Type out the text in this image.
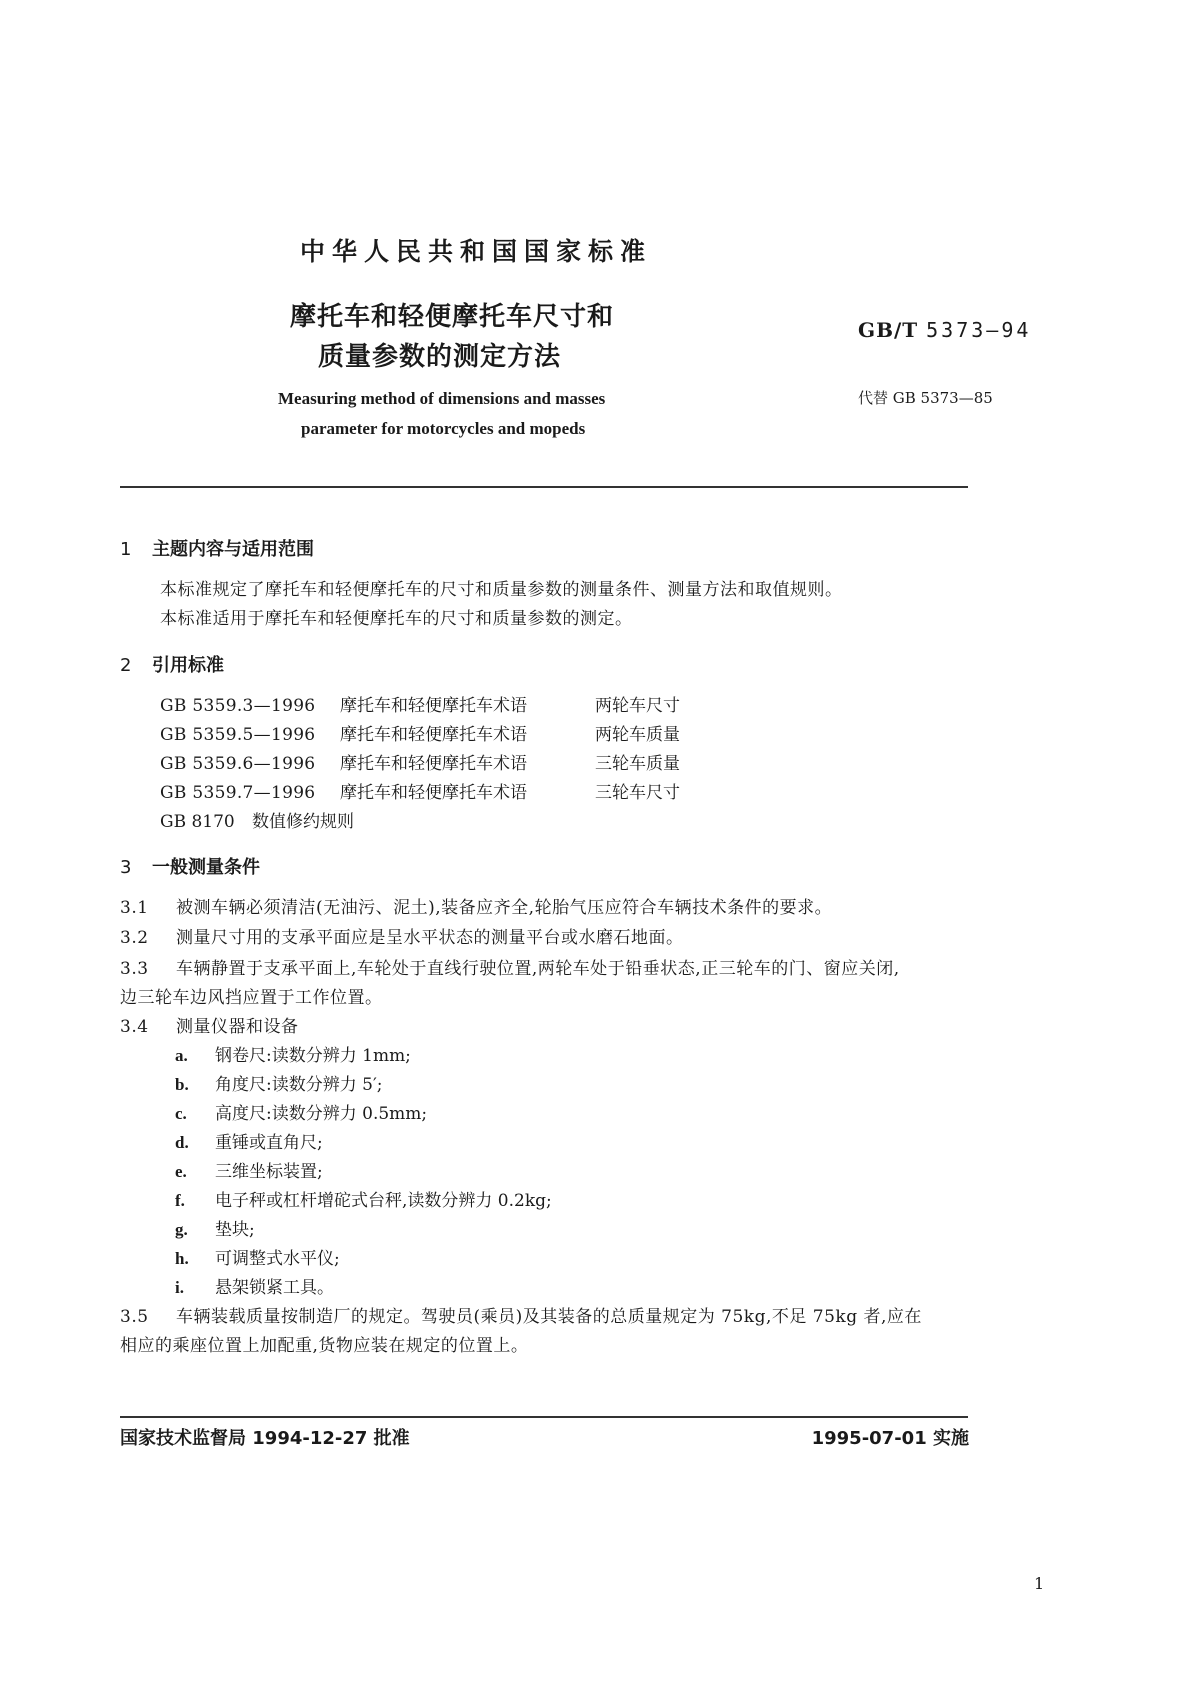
中华人民共和国国家标准
摩托车和轻便摩托车尺寸和
质量参数的测定方法
GB/T 5373—94
代替 GB 5373—85
Measuring method of dimensions and masses
parameter for motorcycles and mopeds
1 主题内容与适用范围
本标准规定了摩托车和轻便摩托车的尺寸和质量参数的测量条件、测量方法和取值规则。
本标准适用于摩托车和轻便摩托车的尺寸和质量参数的测定。
2 引用标准
GB 5359.3—1996 摩托车和轻便摩托车术语	两轮车尺寸
GB 5359.5—1996 摩托车和轻便摩托车术语	两轮车质量
GB 5359.6—1996 摩托车和轻便摩托车术语	三轮车质量
GB 5359.7—1996 摩托车和轻便摩托车术语	三轮车尺寸
GB 8170 数值修约规则
3 一般测量条件
3.1 被测车辆必须清洁(无油污、泥土),装备应齐全,轮胎气压应符合车辆技术条件的要求。
3.2 测量尺寸用的支承平面应是呈水平状态的测量平台或水磨石地面。
3.3 车辆静置于支承平面上,车轮处于直线行驶位置,两轮车处于铅垂状态,正三轮车的门、窗应关闭,
边三轮车边风挡应置于工作位置。
3.4 测量仪器和设备
a. 钢卷尺:读数分辨力 1mm;
b. 角度尺:读数分辨力 5′;
c. 高度尺:读数分辨力 0.5mm;
d. 重锤或直角尺;
e. 三维坐标装置;
f. 电子秤或杠杆增砣式台秤,读数分辨力 0.2kg;
g. 垫块;
h. 可调整式水平仪;
i. 悬架锁紧工具。
3.5 车辆装载质量按制造厂的规定。驾驶员(乘员)及其装备的总质量规定为 75kg,不足 75kg 者,应在
相应的乘座位置上加配重,货物应装在规定的位置上。
国家技术监督局 1994-12-27 批准	1995-07-01 实施
1
